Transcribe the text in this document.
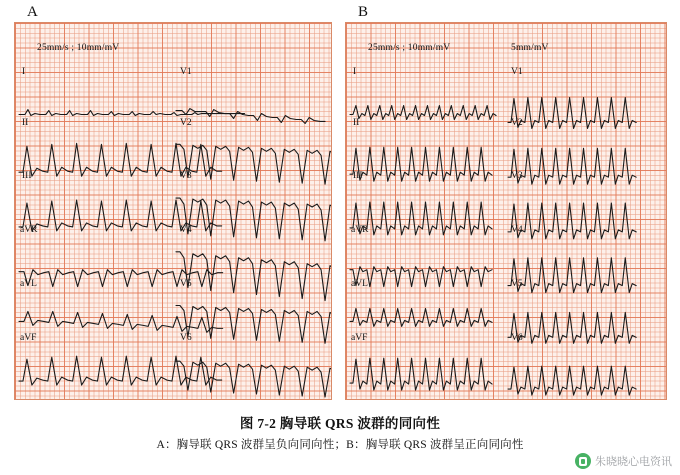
A	B
25mm/s ; 10mm/mV
I
II
III
aVR
aVL
aVF
V1
V2
V3
V4
V5
V6
25mm/s ; 10mm/mV	5mm/mV
I
II
III
aVR
aVL
aVF
V1
V2
V3
V4
V5
V6
图 7-2 胸导联 QRS 波群的同向性
A：胸导联 QRS 波群呈负向同向性；B：胸导联 QRS 波群呈正向同向性
朱晓晓心电资讯
